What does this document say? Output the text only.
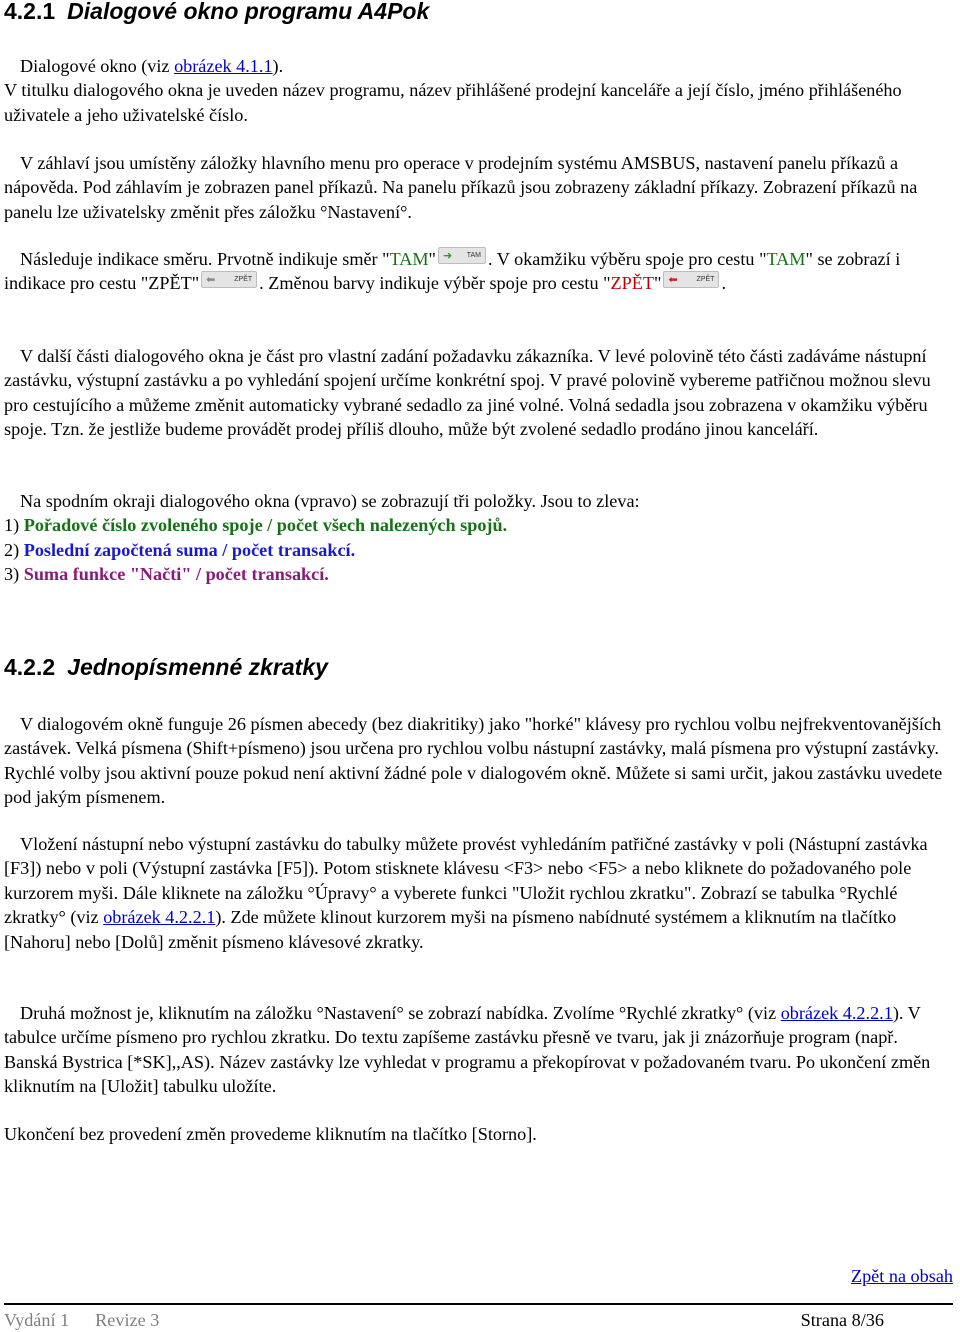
4.2.1 Dialogové okno programu A4Pok

Dialogové okno (viz obrázek 4.1.1).
V titulku dialogového okna je uveden název programu, název přihlášené prodejní kanceláře a její číslo, jméno přihlášeného uživatele a jeho uživatelské číslo.

V záhlaví jsou umístěny záložky hlavního menu pro operace v prodejním systému AMSBUS, nastavení panelu příkazů a nápověda. Pod záhlavím je zobrazen panel příkazů. Na panelu příkazů jsou zobrazeny základní příkazy. Zobrazení příkazů na panelu lze uživatelsky změnit přes záložku °Nastavení°.

Následuje indikace směru. Prvotně indikuje směr "TAM" ➜ TAM . V okamžiku výběru spoje pro cestu "TAM" se zobrazí i indikace pro cestu "ZPĚT" ⬅	ZPĚT . Změnou barvy indikuje výběr spoje pro cestu "ZPĚT" ⬅	ZPĚT .

V další části dialogového okna je část pro vlastní zadání požadavku zákazníka. V levé polovině této části zadáváme nástupní zastávku, výstupní zastávku a po vyhledání spojení určíme konkrétní spoj. V pravé polovině vybereme patřičnou možnou slevu pro cestujícího a můžeme změnit automaticky vybrané sedadlo za jiné volné. Volná sedadla jsou zobrazena v okamžiku výběru spoje. Tzn. že jestliže budeme provádět prodej příliš dlouho, může být zvolené sedadlo prodáno jinou kanceláří.

Na spodním okraji dialogového okna (vpravo) se zobrazují tři položky. Jsou to zleva:
1) Pořadové číslo zvoleného spoje / počet všech nalezených spojů.
2) Poslední započtená suma / počet transakcí.
3) Suma funkce "Načti" / počet transakcí.

4.2.2 Jednopísmenné zkratky

V dialogovém okně funguje 26 písmen abecedy (bez diakritiky) jako "horké" klávesy pro rychlou volbu nejfrekventovanějších zastávek. Velká písmena (Shift+písmeno) jsou určena pro rychlou volbu nástupní zastávky, malá písmena pro výstupní zastávky. Rychlé volby jsou aktivní pouze pokud není aktivní žádné pole v dialogovém okně. Můžete si sami určit, jakou zastávku uvedete pod jakým písmenem.

Vložení nástupní nebo výstupní zastávku do tabulky můžete provést vyhledáním patřičné zastávky v poli (Nástupní zastávka [F3]) nebo v poli (Výstupní zastávka [F5]). Potom stisknete klávesu <F3> nebo <F5> a nebo kliknete do požadovaného pole kurzorem myši. Dále kliknete na záložku °Úpravy° a vyberete funkci "Uložit rychlou zkratku". Zobrazí se tabulka °Rychlé zkratky° (viz obrázek 4.2.2.1). Zde můžete klinout kurzorem myši na písmeno nabídnuté systémem a kliknutím na tlačítko [Nahoru] nebo [Dolů] změnit písmeno klávesové zkratky.

Druhá možnost je, kliknutím na záložku °Nastavení° se zobrazí nabídka. Zvolíme °Rychlé zkratky° (viz obrázek 4.2.2.1). V tabulce určíme písmeno pro rychlou zkratku. Do textu zapíšeme zastávku přesně ve tvaru, jak ji znázorňuje program (např. Banská Bystrica [*SK],,AS). Název zastávky lze vyhledat v programu a překopírovat v požadovaném tvaru. Po ukončení změn kliknutím na [Uložit] tabulku uložíte.

Ukončení bez provedení změn provedeme kliknutím na tlačítko [Storno].

Zpět na obsah
Vydání 1 Revize 3	Strana 8/36
